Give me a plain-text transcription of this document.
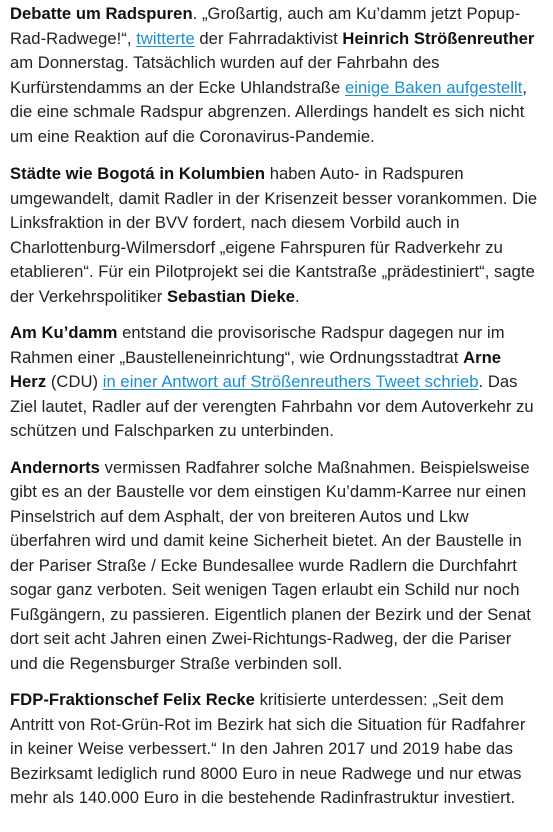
Debatte um Radspuren. „Großartig, auch am Ku’damm jetzt Popup-Rad-Radwege!“, twitterte der Fahrradaktivist Heinrich Strößenreuther am Donnerstag. Tatsächlich wurden auf der Fahrbahn des Kurfürstendamms an der Ecke Uhlandstraße einige Baken aufgestellt, die eine schmale Radspur abgrenzen. Allerdings handelt es sich nicht um eine Reaktion auf die Coronavirus-Pandemie.

Städte wie Bogotá in Kolumbien haben Auto- in Radspuren umgewandelt, damit Radler in der Krisenzeit besser vorankommen. Die Linksfraktion in der BVV fordert, nach diesem Vorbild auch in Charlottenburg-Wilmersdorf „eigene Fahrspuren für Radverkehr zu etablieren“. Für ein Pilotprojekt sei die Kantstraße „prädestiniert“, sagte der Verkehrspolitiker Sebastian Dieke.

Am Ku’damm entstand die provisorische Radspur dagegen nur im Rahmen einer „Baustelleneinrichtung“, wie Ordnungsstadtrat Arne Herz (CDU) in einer Antwort auf Strößenreuthers Tweet schrieb. Das Ziel lautet, Radler auf der verengten Fahrbahn vor dem Autoverkehr zu schützen und Falschparken zu unterbinden.

Andernorts vermissen Radfahrer solche Maßnahmen. Beispielsweise gibt es an der Baustelle vor dem einstigen Ku’damm-Karree nur einen Pinselstrich auf dem Asphalt, der von breiteren Autos und Lkw überfahren wird und damit keine Sicherheit bietet. An der Baustelle in der Pariser Straße / Ecke Bundesallee wurde Radlern die Durchfahrt sogar ganz verboten. Seit wenigen Tagen erlaubt ein Schild nur noch Fußgängern, zu passieren. Eigentlich planen der Bezirk und der Senat dort seit acht Jahren einen Zwei-Richtungs-Radweg, der die Pariser und die Regensburger Straße verbinden soll.

FDP-Fraktionschef Felix Recke kritisierte unterdessen: „Seit dem Antritt von Rot-Grün-Rot im Bezirk hat sich die Situation für Radfahrer in keiner Weise verbessert.“ In den Jahren 2017 und 2019 habe das Bezirksamt lediglich rund 8000 Euro in neue Radwege und nur etwas mehr als 140.000 Euro in die bestehende Radinfrastruktur investiert.
